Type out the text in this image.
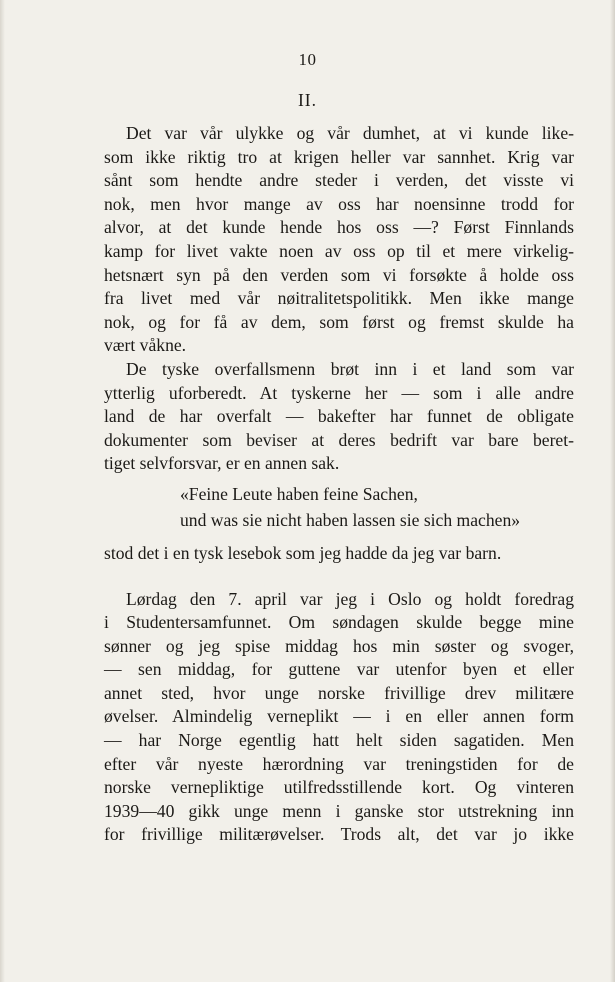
10
II.
Det var vår ulykke og vår dumhet, at vi kunde like-
som ikke riktig tro at krigen heller var sannhet. Krig var
sånt som hendte andre steder i verden, det visste vi
nok, men hvor mange av oss har noensinne trodd for
alvor, at det kunde hende hos oss —? Først Finnlands
kamp for livet vakte noen av oss op til et mere virkelig-
hetsnært syn på den verden som vi forsøkte å holde oss
fra livet med vår nøitralitetspolitikk. Men ikke mange
nok, og for få av dem, som først og fremst skulde ha
vært våkne.
De tyske overfallsmenn brøt inn i et land som var
ytterlig uforberedt. At tyskerne her — som i alle andre
land de har overfalt — bakefter har funnet de obligate
dokumenter som beviser at deres bedrift var bare beret-
tiget selvforsvar, er en annen sak.
«Feine Leute haben feine Sachen,
und was sie nicht haben lassen sie sich machen»
stod det i en tysk lesebok som jeg hadde da jeg var barn.
Lørdag den 7. april var jeg i Oslo og holdt foredrag
i Studentersamfunnet. Om søndagen skulde begge mine
sønner og jeg spise middag hos min søster og svoger,
— sen middag, for guttene var utenfor byen et eller
annet sted, hvor unge norske frivillige drev militære
øvelser. Almindelig verneplikt — i en eller annen form
— har Norge egentlig hatt helt siden sagatiden. Men
efter vår nyeste hærordning var treningstiden for de
norske vernepliktige utilfredsstillende kort. Og vinteren
1939—40 gikk unge menn i ganske stor utstrekning inn
for frivillige militærøvelser. Trods alt, det var jo ikke
